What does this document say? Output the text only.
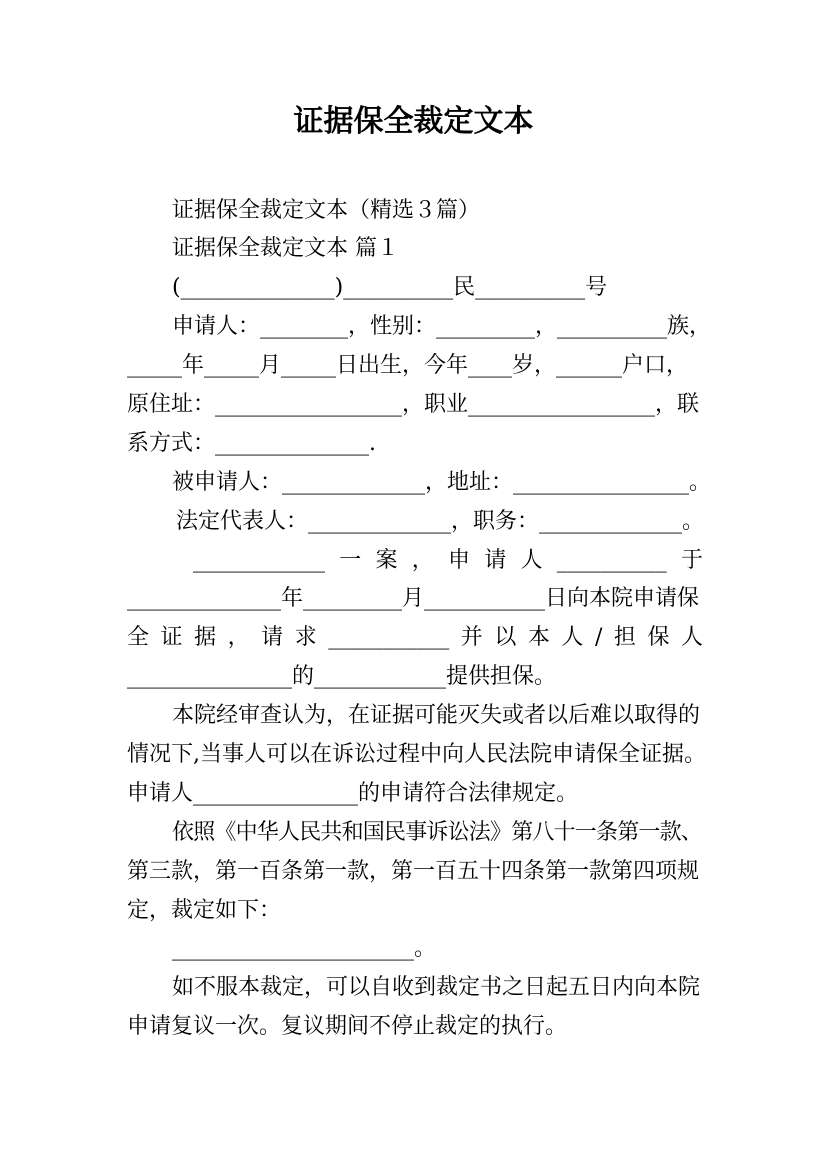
证据保全裁定文本
证据保全裁定文本（精选３篇）
证据保全裁定文本 篇１
(______________)__________民__________号
申请人：________，性别：_________，__________族，
_____年_____月_____日出生，今年____岁，______户口，
原住址：_________________，职业_________________，联
系方式：______________.
被申请人：_____________，地址：________________。
法定代表人：_____________，职务：_____________。
____________一案，申请人__________于
______________年_________月___________日向本院申请保
全证据，请求___________并以本人/担保人
_______________的____________提供担保。
本院经审查认为，在证据可能灭失或者以后难以取得的
情况下,当事人可以在诉讼过程中向人民法院申请保全证据。
申请人_______________的申请符合法律规定。
依照《中华人民共和国民事诉讼法》第八十一条第一款、
第三款，第一百条第一款，第一百五十四条第一款第四项规
定，裁定如下：
______________________。
如不服本裁定，可以自收到裁定书之日起五日内向本院
申请复议一次。复议期间不停止裁定的执行。
